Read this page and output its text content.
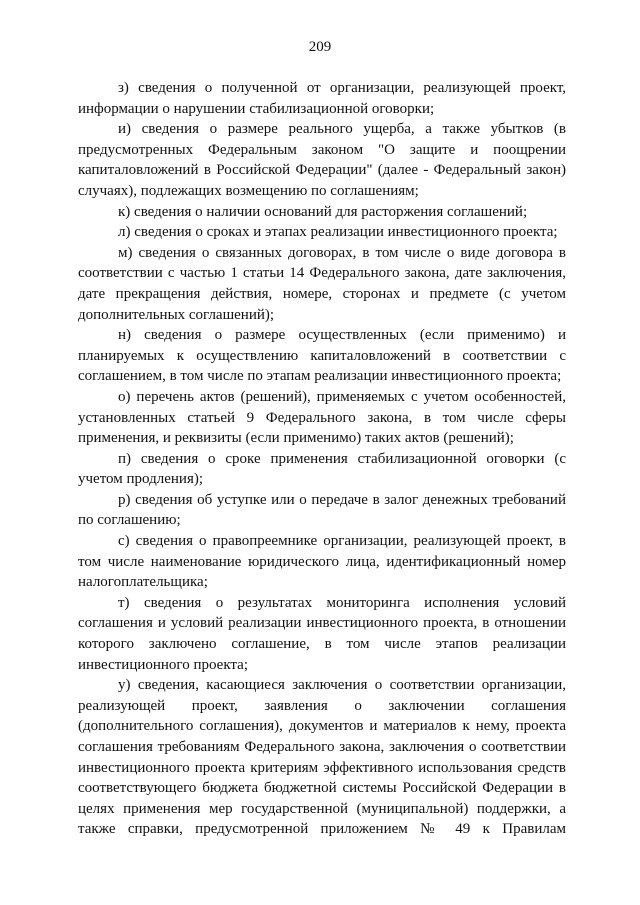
209

з) сведения о полученной от организации, реализующей проект, информации о нарушении стабилизационной оговорки;

и) сведения о размере реального ущерба, а также убытков (в предусмотренных Федеральным законом "О защите и поощрении капиталовложений в Российской Федерации" (далее - Федеральный закон) случаях), подлежащих возмещению по соглашениям;

к) сведения о наличии оснований для расторжения соглашений;

л) сведения о сроках и этапах реализации инвестиционного проекта;

м) сведения о связанных договорах, в том числе о виде договора в соответствии с частью 1 статьи 14 Федерального закона, дате заключения, дате прекращения действия, номере, сторонах и предмете (с учетом дополнительных соглашений);

н) сведения о размере осуществленных (если применимо) и планируемых к осуществлению капиталовложений в соответствии с соглашением, в том числе по этапам реализации инвестиционного проекта;

о) перечень актов (решений), применяемых с учетом особенностей, установленных статьей 9 Федерального закона, в том числе сферы применения, и реквизиты (если применимо) таких актов (решений);

п) сведения о сроке применения стабилизационной оговорки (с учетом продления);

р) сведения об уступке или о передаче в залог денежных требований по соглашению;

с) сведения о правопреемнике организации, реализующей проект, в том числе наименование юридического лица, идентификационный номер налогоплательщика;

т) сведения о результатах мониторинга исполнения условий соглашения и условий реализации инвестиционного проекта, в отношении которого заключено соглашение, в том числе этапов реализации инвестиционного проекта;

у) сведения, касающиеся заключения о соответствии организации, реализующей проект, заявления о заключении соглашения (дополнительного соглашения), документов и материалов к нему, проекта соглашения требованиям Федерального закона, заключения о соответствии инвестиционного проекта критериям эффективного использования средств соответствующего бюджета бюджетной системы Российской Федерации в целях применения мер государственной (муниципальной) поддержки, а также справки, предусмотренной приложением № 49 к Правилам
